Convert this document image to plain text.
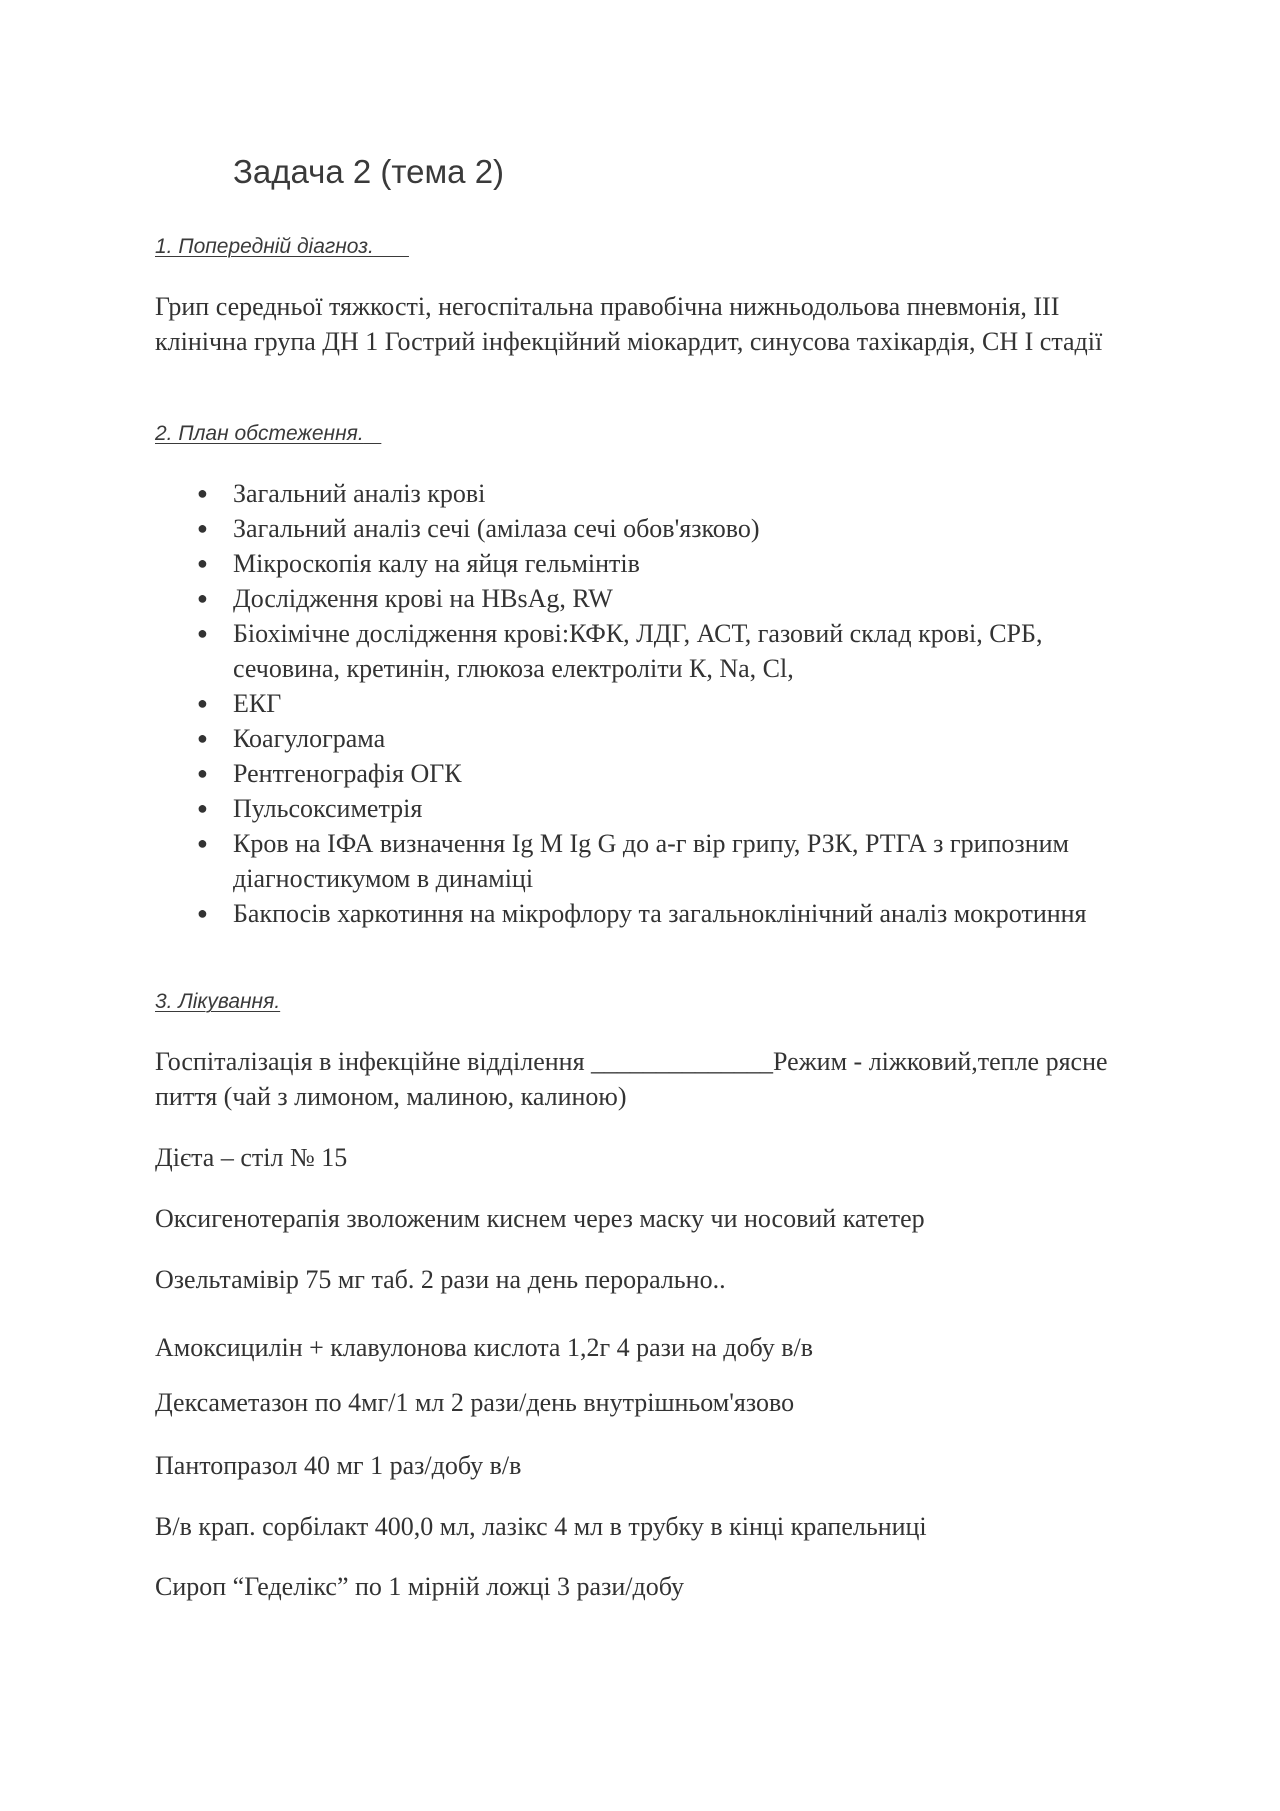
Задача 2 (тема 2)
1. Попередній діагноз.

Грип середньої тяжкості, негоспітальна правобічна нижньодольова пневмонія, ІІІ клінічна група ДН 1 Гострий інфекційний міокардит, синусова тахікардія, СН І стадії

2. План обстеження.
● Загальний аналіз крові
● Загальний аналіз сечі (амілаза сечі обов'язково)
● Мікроскопія калу на яйця гельмінтів
● Дослідження крові на HBsAg, RW
● Біохімічне дослідження крові:КФК, ЛДГ, АСТ, газовий склад крові, СРБ, сечовина, кретинін, глюкоза електроліти К, Na, Cl,
● ЕКГ
● Коагулограма
● Рентгенографія ОГК
● Пульсоксиметрія
● Кров на ІФА визначення Ig M Ig G до а-г вір грипу, РЗК, РТГА з грипозним діагностикумом в динаміці
● Бакпосів харкотиння на мікрофлору та загальноклінічний аналіз мокротиння
3. Лікування.

Госпіталізація в інфекційне відділення ______________Режим - ліжковий,тепле рясне пиття (чай з лимоном, малиною, калиною)

Дієта – стіл № 15

Оксигенотерапія зволоженим киснем через маску чи носовий катетер

Озельтамівір 75 мг таб. 2 рази на день перорально..

Амоксицилін + клавулонова кислота 1,2г 4 рази на добу в/в

Дексаметазон по 4мг/1 мл 2 рази/день внутрішньом'язово

Пантопразол 40 мг 1 раз/добу в/в

В/в крап. сорбілакт 400,0 мл, лазікс 4 мл в трубку в кінці крапельниці

Сироп “Геделікс” по 1 мірній ложці 3 рази/добу
